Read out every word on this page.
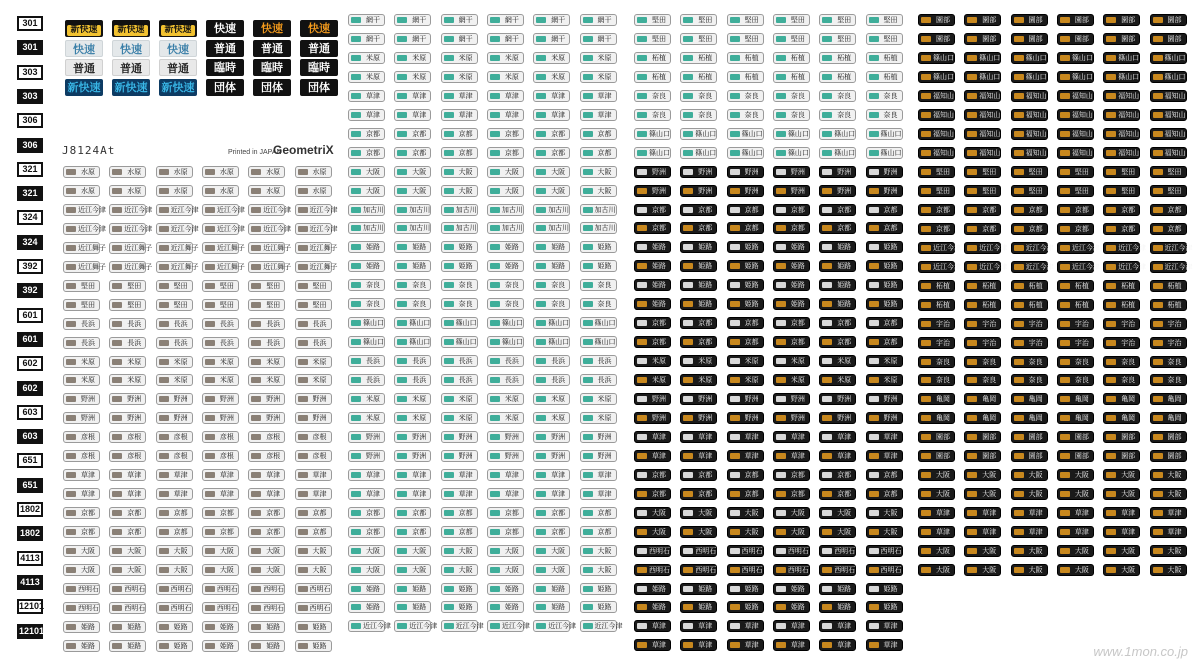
301
301
303
303
306
306
321
321
324
324
392
392
601
601
602
602
603
603
651
651
1802
1802
4113
4113
12101
12101
新快速	新快速	新快速	快速	快速	快速
快速	快速	快速	普通	普通	普通
普通	普通	普通	臨時	臨時	臨時
新快速 新快速 新快速	団体	団体	団体
J8124At	Printed in JAPAN
GeometriX
水原	水原	水原	水原	水原	水原
水原	水原	水原	水原	水原	水原
近江今津	近江今津	近江今津	近江今津	近江今津	近江今津
近江今津	近江今津	近江今津	近江今津	近江今津	近江今津
近江舞子	近江舞子	近江舞子	近江舞子	近江舞子	近江舞子
近江舞子	近江舞子	近江舞子	近江舞子	近江舞子	近江舞子
堅田	堅田	堅田	堅田	堅田	堅田
堅田	堅田	堅田	堅田	堅田	堅田
長浜	長浜	長浜	長浜	長浜	長浜
長浜	長浜	長浜	長浜	長浜	長浜
米原	米原	米原	米原	米原	米原
米原	米原	米原	米原	米原	米原
野洲	野洲	野洲	野洲	野洲	野洲
野洲	野洲	野洲	野洲	野洲	野洲
彦根	彦根	彦根	彦根	彦根	彦根
彦根	彦根	彦根	彦根	彦根	彦根
草津	草津	草津	草津	草津	草津
草津	草津	草津	草津	草津	草津
京都	京都	京都	京都	京都	京都
京都	京都	京都	京都	京都	京都
大阪	大阪	大阪	大阪	大阪	大阪
大阪	大阪	大阪	大阪	大阪	大阪
西明石	西明石	西明石	西明石	西明石	西明石
西明石	西明石	西明石	西明石	西明石	西明石
姫路	姫路	姫路	姫路	姫路	姫路
姫路	姫路	姫路	姫路	姫路	姫路
網干	網干	網干	網干	網干	網干
網干	網干	網干	網干	網干	網干
米原	米原	米原	米原	米原	米原
米原	米原	米原	米原	米原	米原
草津	草津	草津	草津	草津	草津
草津	草津	草津	草津	草津	草津
京都	京都	京都	京都	京都	京都
京都	京都	京都	京都	京都	京都
大阪	大阪	大阪	大阪	大阪	大阪
大阪	大阪	大阪	大阪	大阪	大阪
加古川	加古川	加古川	加古川	加古川	加古川
加古川	加古川	加古川	加古川	加古川	加古川
姫路	姫路	姫路	姫路	姫路	姫路
姫路	姫路	姫路	姫路	姫路	姫路
奈良	奈良	奈良	奈良	奈良	奈良
奈良	奈良	奈良	奈良	奈良	奈良
篠山口	篠山口	篠山口	篠山口	篠山口	篠山口
篠山口	篠山口	篠山口	篠山口	篠山口	篠山口
長浜	長浜	長浜	長浜	長浜	長浜
長浜	長浜	長浜	長浜	長浜	長浜
米原	米原	米原	米原	米原	米原
米原	米原	米原	米原	米原	米原
野洲	野洲	野洲	野洲	野洲	野洲
野洲	野洲	野洲	野洲	野洲	野洲
草津	草津	草津	草津	草津	草津
草津	草津	草津	草津	草津	草津
京都	京都	京都	京都	京都	京都
京都	京都	京都	京都	京都	京都
大阪	大阪	大阪	大阪	大阪	大阪
大阪	大阪	大阪	大阪	大阪	大阪
姫路	姫路	姫路	姫路	姫路	姫路
姫路	姫路	姫路	姫路	姫路	姫路
近江今津	近江今津	近江今津	近江今津	近江今津	近江今津
堅田	堅田	堅田	堅田	堅田	堅田
堅田	堅田	堅田	堅田	堅田	堅田
柘植	柘植	柘植	柘植	柘植	柘植
柘植	柘植	柘植	柘植	柘植	柘植
奈良	奈良	奈良	奈良	奈良	奈良
奈良	奈良	奈良	奈良	奈良	奈良
篠山口	篠山口	篠山口	篠山口	篠山口	篠山口
篠山口	篠山口	篠山口	篠山口	篠山口	篠山口
野洲	野洲	野洲	野洲	野洲	野洲
野洲	野洲	野洲	野洲	野洲	野洲
京都	京都	京都	京都	京都	京都
京都	京都	京都	京都	京都	京都
姫路	姫路	姫路	姫路	姫路	姫路
姫路	姫路	姫路	姫路	姫路	姫路
姫路	姫路	姫路	姫路	姫路	姫路
姫路	姫路	姫路	姫路	姫路	姫路
京都	京都	京都	京都	京都	京都
京都	京都	京都	京都	京都	京都
米原	米原	米原	米原	米原	米原
米原	米原	米原	米原	米原	米原
野洲	野洲	野洲	野洲	野洲	野洲
野洲	野洲	野洲	野洲	野洲	野洲
草津	草津	草津	草津	草津	草津
草津	草津	草津	草津	草津	草津
京都	京都	京都	京都	京都	京都
京都	京都	京都	京都	京都	京都
大阪	大阪	大阪	大阪	大阪	大阪
大阪	大阪	大阪	大阪	大阪	大阪
西明石	西明石	西明石	西明石	西明石	西明石
西明石	西明石	西明石	西明石	西明石	西明石
姫路	姫路	姫路	姫路	姫路	姫路
姫路	姫路	姫路	姫路	姫路	姫路
草津	草津	草津	草津	草津	草津
草津	草津	草津	草津	草津	草津
園部	園部	園部	園部	園部	園部
園部	園部	園部	園部	園部	園部
篠山口	篠山口	篠山口	篠山口	篠山口	篠山口
篠山口	篠山口	篠山口	篠山口	篠山口	篠山口
福知山	福知山	福知山	福知山	福知山	福知山
福知山	福知山	福知山	福知山	福知山	福知山
福知山	福知山	福知山	福知山	福知山	福知山
福知山	福知山	福知山	福知山	福知山	福知山
堅田	堅田	堅田	堅田	堅田	堅田
堅田	堅田	堅田	堅田	堅田	堅田
京都	京都	京都	京都	京都	京都
京都	京都	京都	京都	京都	京都
近江今津	近江今津	近江今津	近江今津	近江今津	近江今津
近江今津	近江今津	近江今津	近江今津	近江今津	近江今津
柘植	柘植	柘植	柘植	柘植	柘植
柘植	柘植	柘植	柘植	柘植	柘植
宇治	宇治	宇治	宇治	宇治	宇治
宇治	宇治	宇治	宇治	宇治	宇治
奈良	奈良	奈良	奈良	奈良	奈良
奈良	奈良	奈良	奈良	奈良	奈良
亀岡	亀岡	亀岡	亀岡	亀岡	亀岡
亀岡	亀岡	亀岡	亀岡	亀岡	亀岡
園部	園部	園部	園部	園部	園部
園部	園部	園部	園部	園部	園部
大阪	大阪	大阪	大阪	大阪	大阪
大阪	大阪	大阪	大阪	大阪	大阪
草津	草津	草津	草津	草津	草津
草津	草津	草津	草津	草津	草津
大阪	大阪	大阪	大阪	大阪	大阪
大阪	大阪	大阪	大阪	大阪	大阪
www.1mon.co.jp
